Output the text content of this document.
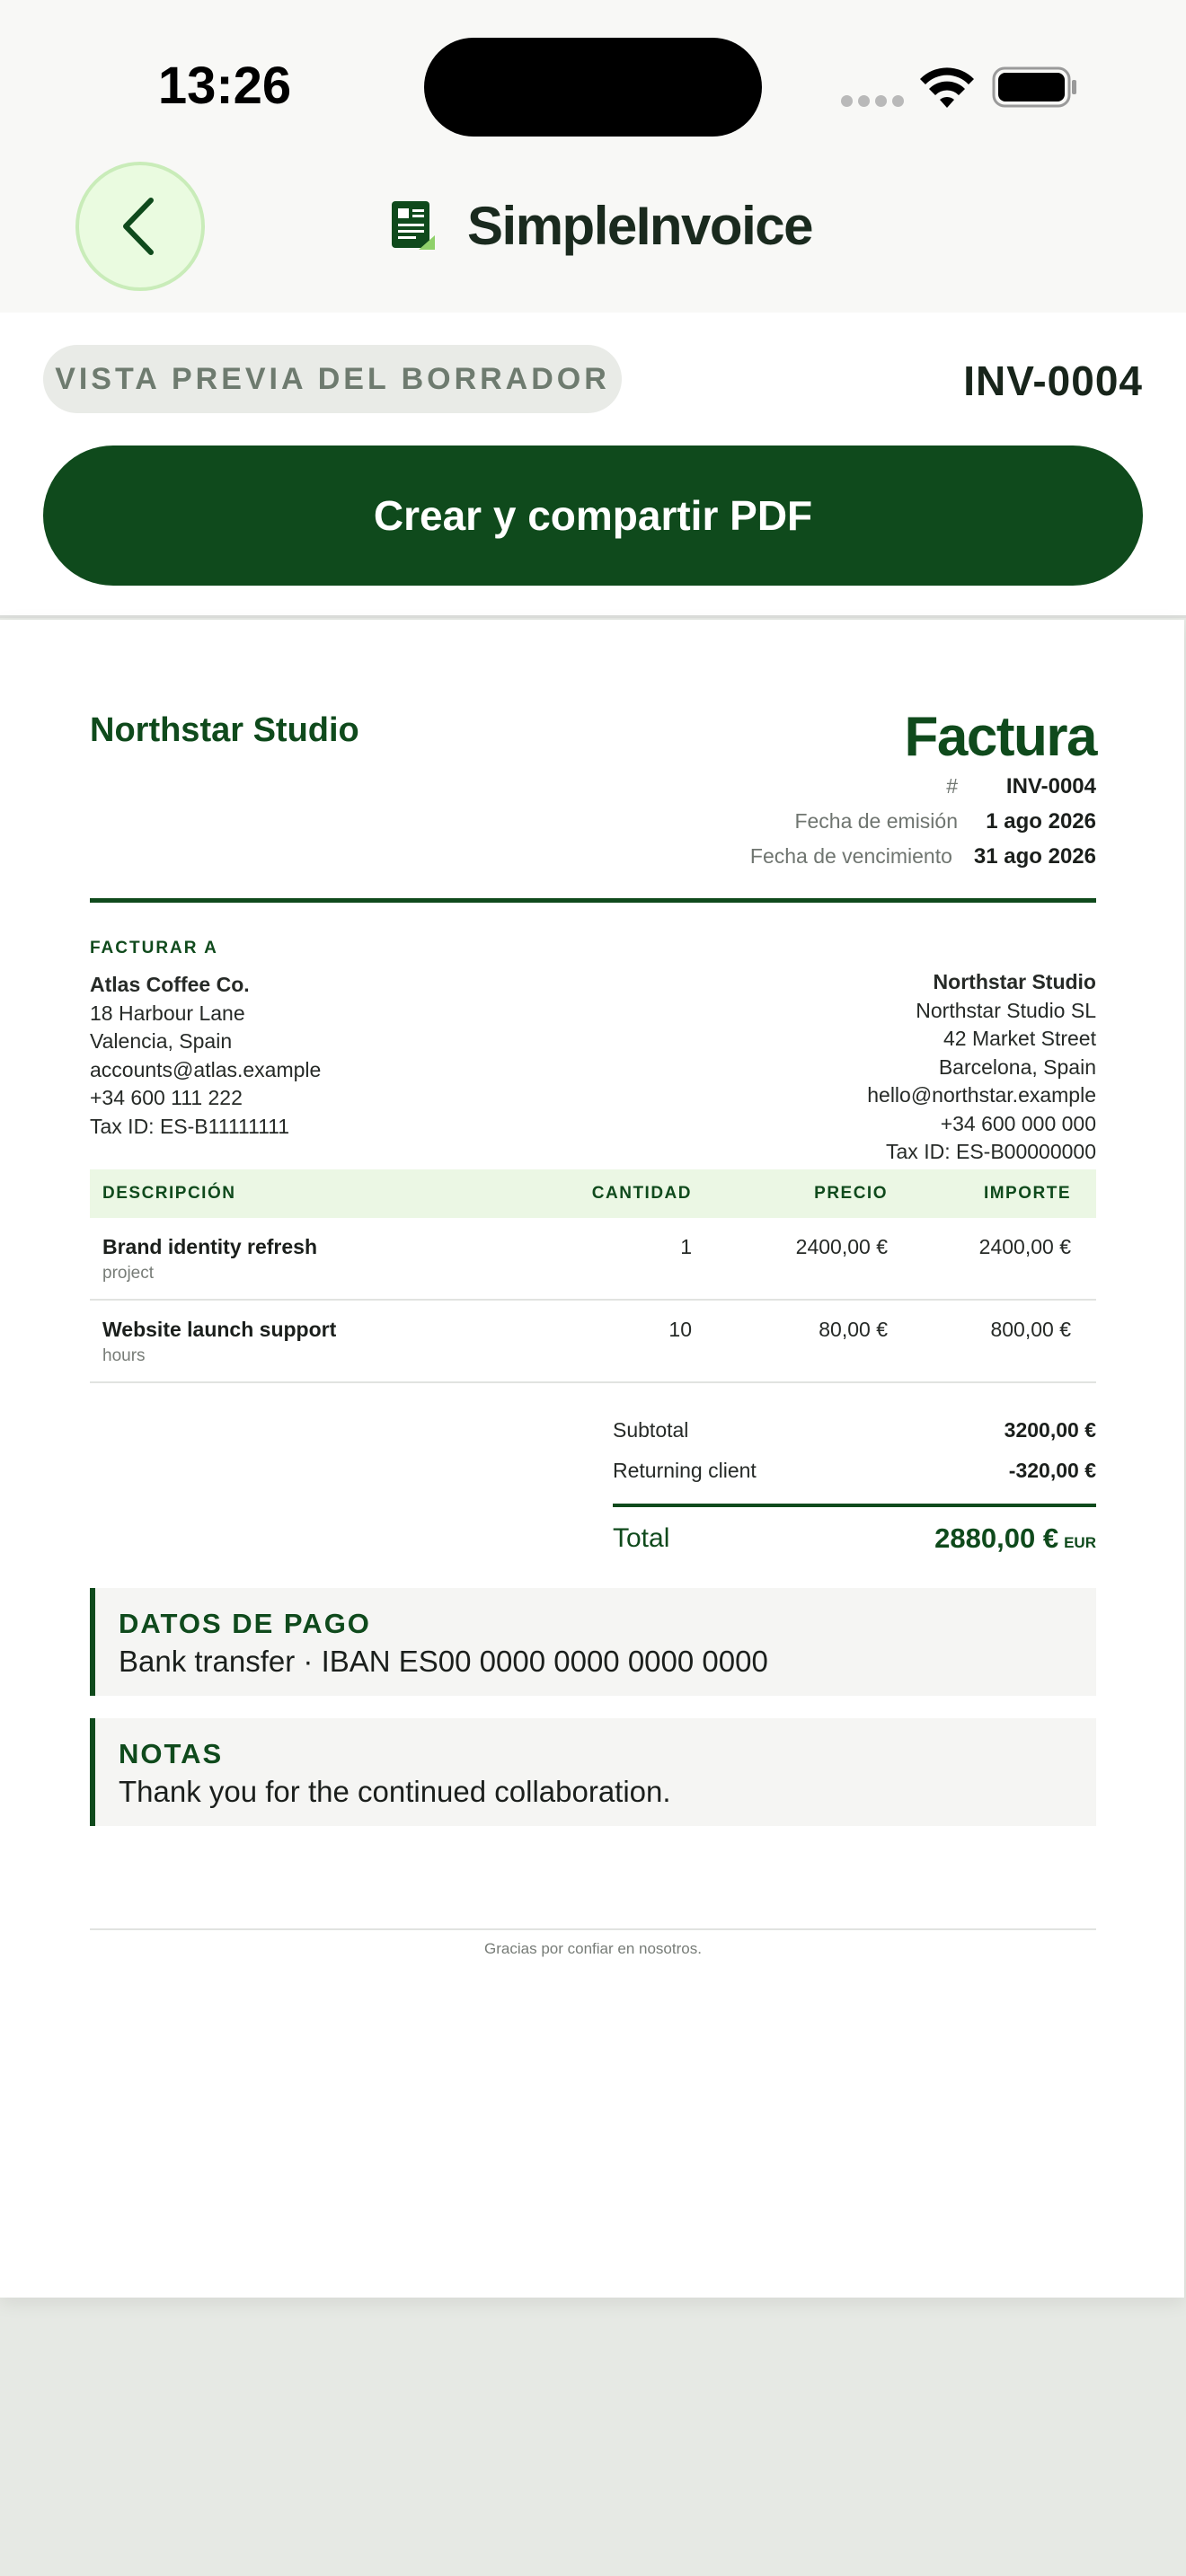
13:26
SimpleInvoice
VISTA PREVIA DEL BORRADOR	INV-0004
Crear y compartir PDF
Northstar Studio	Factura
#	INV-0004
Fecha de emisión	1 ago 2026
Fecha de vencimiento 31 ago 2026
FACTURAR A
Atlas Coffee Co.
18 Harbour Lane
Valencia, Spain
accounts@atlas.example
+34 600 111 222
Tax ID: ES-B11111111
Northstar Studio
Northstar Studio SL
42 Market Street
Barcelona, Spain
hello@northstar.example
+34 600 000 000
Tax ID: ES-B00000000
DESCRIPCIÓN	CANTIDAD	PRECIO	IMPORTE
Brand identity refresh
project
1	2400,00 €	2400,00 €
Website launch support
hours
10	80,00 €	800,00 €
Subtotal	3200,00 €
Returning client	-320,00 €
Total	2880,00 € EUR
DATOS DE PAGO
Bank transfer · IBAN ES00 0000 0000 0000 0000
NOTAS
Thank you for the continued collaboration.
Gracias por confiar en nosotros.
